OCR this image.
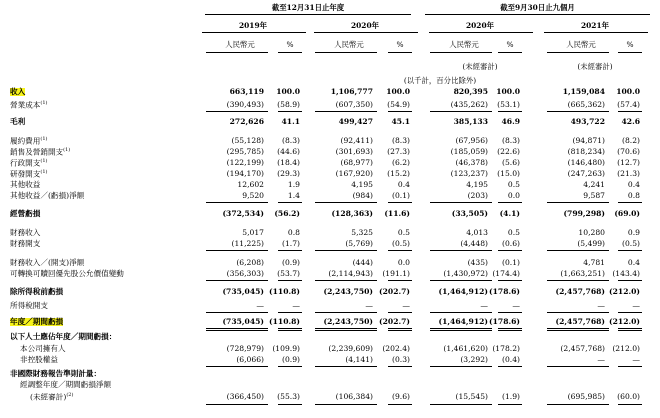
截至12月31日止年度	截至9月30日止九個月
2019年
人民幣元	%
2020年
人民幣元	%
2020年
人民幣元	%
2021年
人民幣元	%
(未經審計)	(未經審計)
(以千計，百分比除外)
收入	663,119	100.0	1,106,777	100.0	820,395	100.0	1,159,084	100.0
營業成本$^{(1)}$	(390,493)	(58.9)	(607,350)	(54.9)	(435,262)	(53.1)	(665,362)	(57.4)
毛利	272,626	41.1	499,427	45.1	385,133	46.9	493,722	42.6
履約費用$^{(1)}$	(55,128)	(8.3)	(92,411)	(8.3)	(67,956)	(8.3)	(94,871)	(8.2)
銷售及營銷開支$^{(1)}$	(295,785)	(44.6)	(301,693)	(27.3)	(185,059)	(22.6)	(818,234)	(70.6)
行政開支$^{(1)}$	(122,199)	(18.4)	(68,977)	(6.2)	(46,378)	(5.6)	(146,480)	(12.7)
研發開支$^{(1)}$	(194,170)	(29.3)	(167,920)	(15.2)	(123,237)	(15.0)	(247,263)	(21.3)
其他收益	12,602	1.9	4,195	0.4	4,195	0.5	4,241	0.4
其他收益／(虧損)淨額	9,520	1.4	(984)	(0.1)	(203)	0.0	9,587	0.8
經營虧損	(372,534)	(56.2)	(128,363)	(11.6)	(33,505)	(4.1)	(799,298)	(69.0)
財務收入	5,017	0.8	5,325	0.5	4,013	0.5	10,280	0.9
財務開支	(11,225)	(1.7)	(5,769)	(0.5)	(4,448)	(0.6)	(5,499)	(0.5)
財務收入／(開支)淨額	(6,208)	(0.9)	(444)	0.0	(435)	(0.1)	4,781	0.4
可轉換可贖回優先股公允價值變動	(356,303)	(53.7)	(2,114,943)	(191.1)	(1,430,972) (174.4)	(1,663,251) (143.4)
除所得稅前虧損	(735,045) (110.8)	(2,243,750) (202.7)	(1,464,912) (178.6)	(2,457,768) (212.0)
所得稅開支	—	—	—	—	—	—	—	—
年度／期間虧損	(735,045) (110.8)	(2,243,750) (202.7)	(1,464,912) (178.6)	(2,457,768) (212.0)
以下人士應佔年度／期間虧損：
本公司擁有人	(728,979)	(109.9)	(2,239,609)	(202.4)	(1,461,620) (178.2)	(2,457,768) (212.0)
非控股權益	(6,066)	(0.9)	(4,141)	(0.3)	(3,292)	(0.4)	—	—
非國際財務報告準則計量：
經調整年度／期間虧損淨額
(未經審計)$^{(2)}$	(366,450)	(55.3)	(106,384)	(9.6)	(15,545)	(1.9)	(695,985)	(60.0)
